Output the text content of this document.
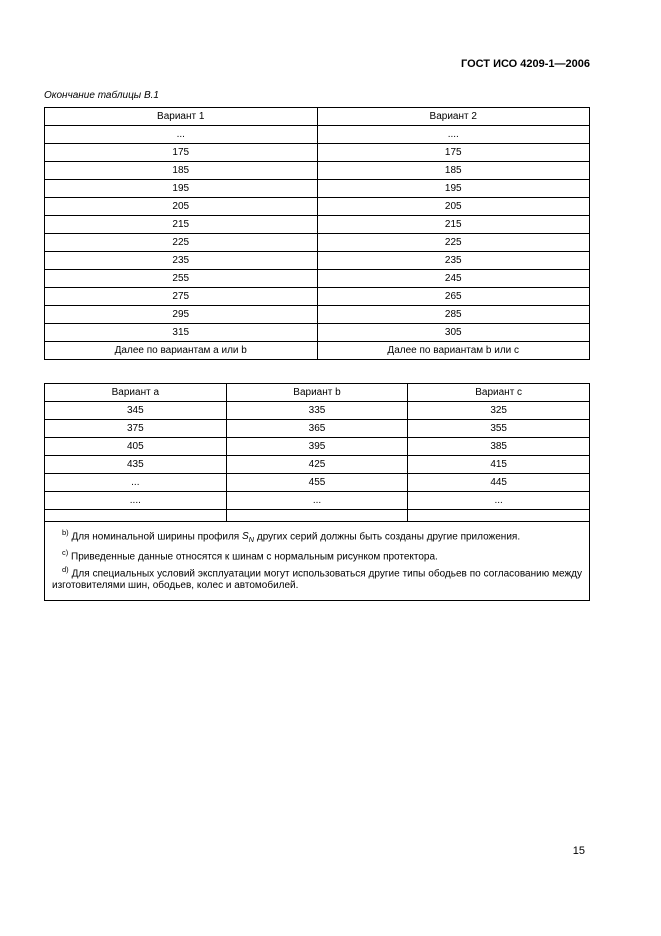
ГОСТ ИСО 4209-1—2006
Окончание таблицы В.1
Вариант 1	Вариант 2
...	....
175	175
185	185
195	195
205	205
215	215
225	225
235	235
255	245
275	265
295	285
315	305
Далее по вариантам a или b	Далее по вариантам b или c
Вариант а	Вариант b	Вариант с
345	335	325
375	365	355
405	395	385
435	425	415
...	455	445
....	...	...

$^{b)}$ Для номинальной ширины профиля $S_N$ других серий должны быть созданы другие приложения.

$^{c)}$ Приведенные данные относятся к шинам с нормальным рисунком протектора.

$^{d)}$ Для специальных условий эксплуатации могут использоваться другие типы ободьев по согласованию между изготовителями шин, ободьев, колес и автомобилей.		

15
